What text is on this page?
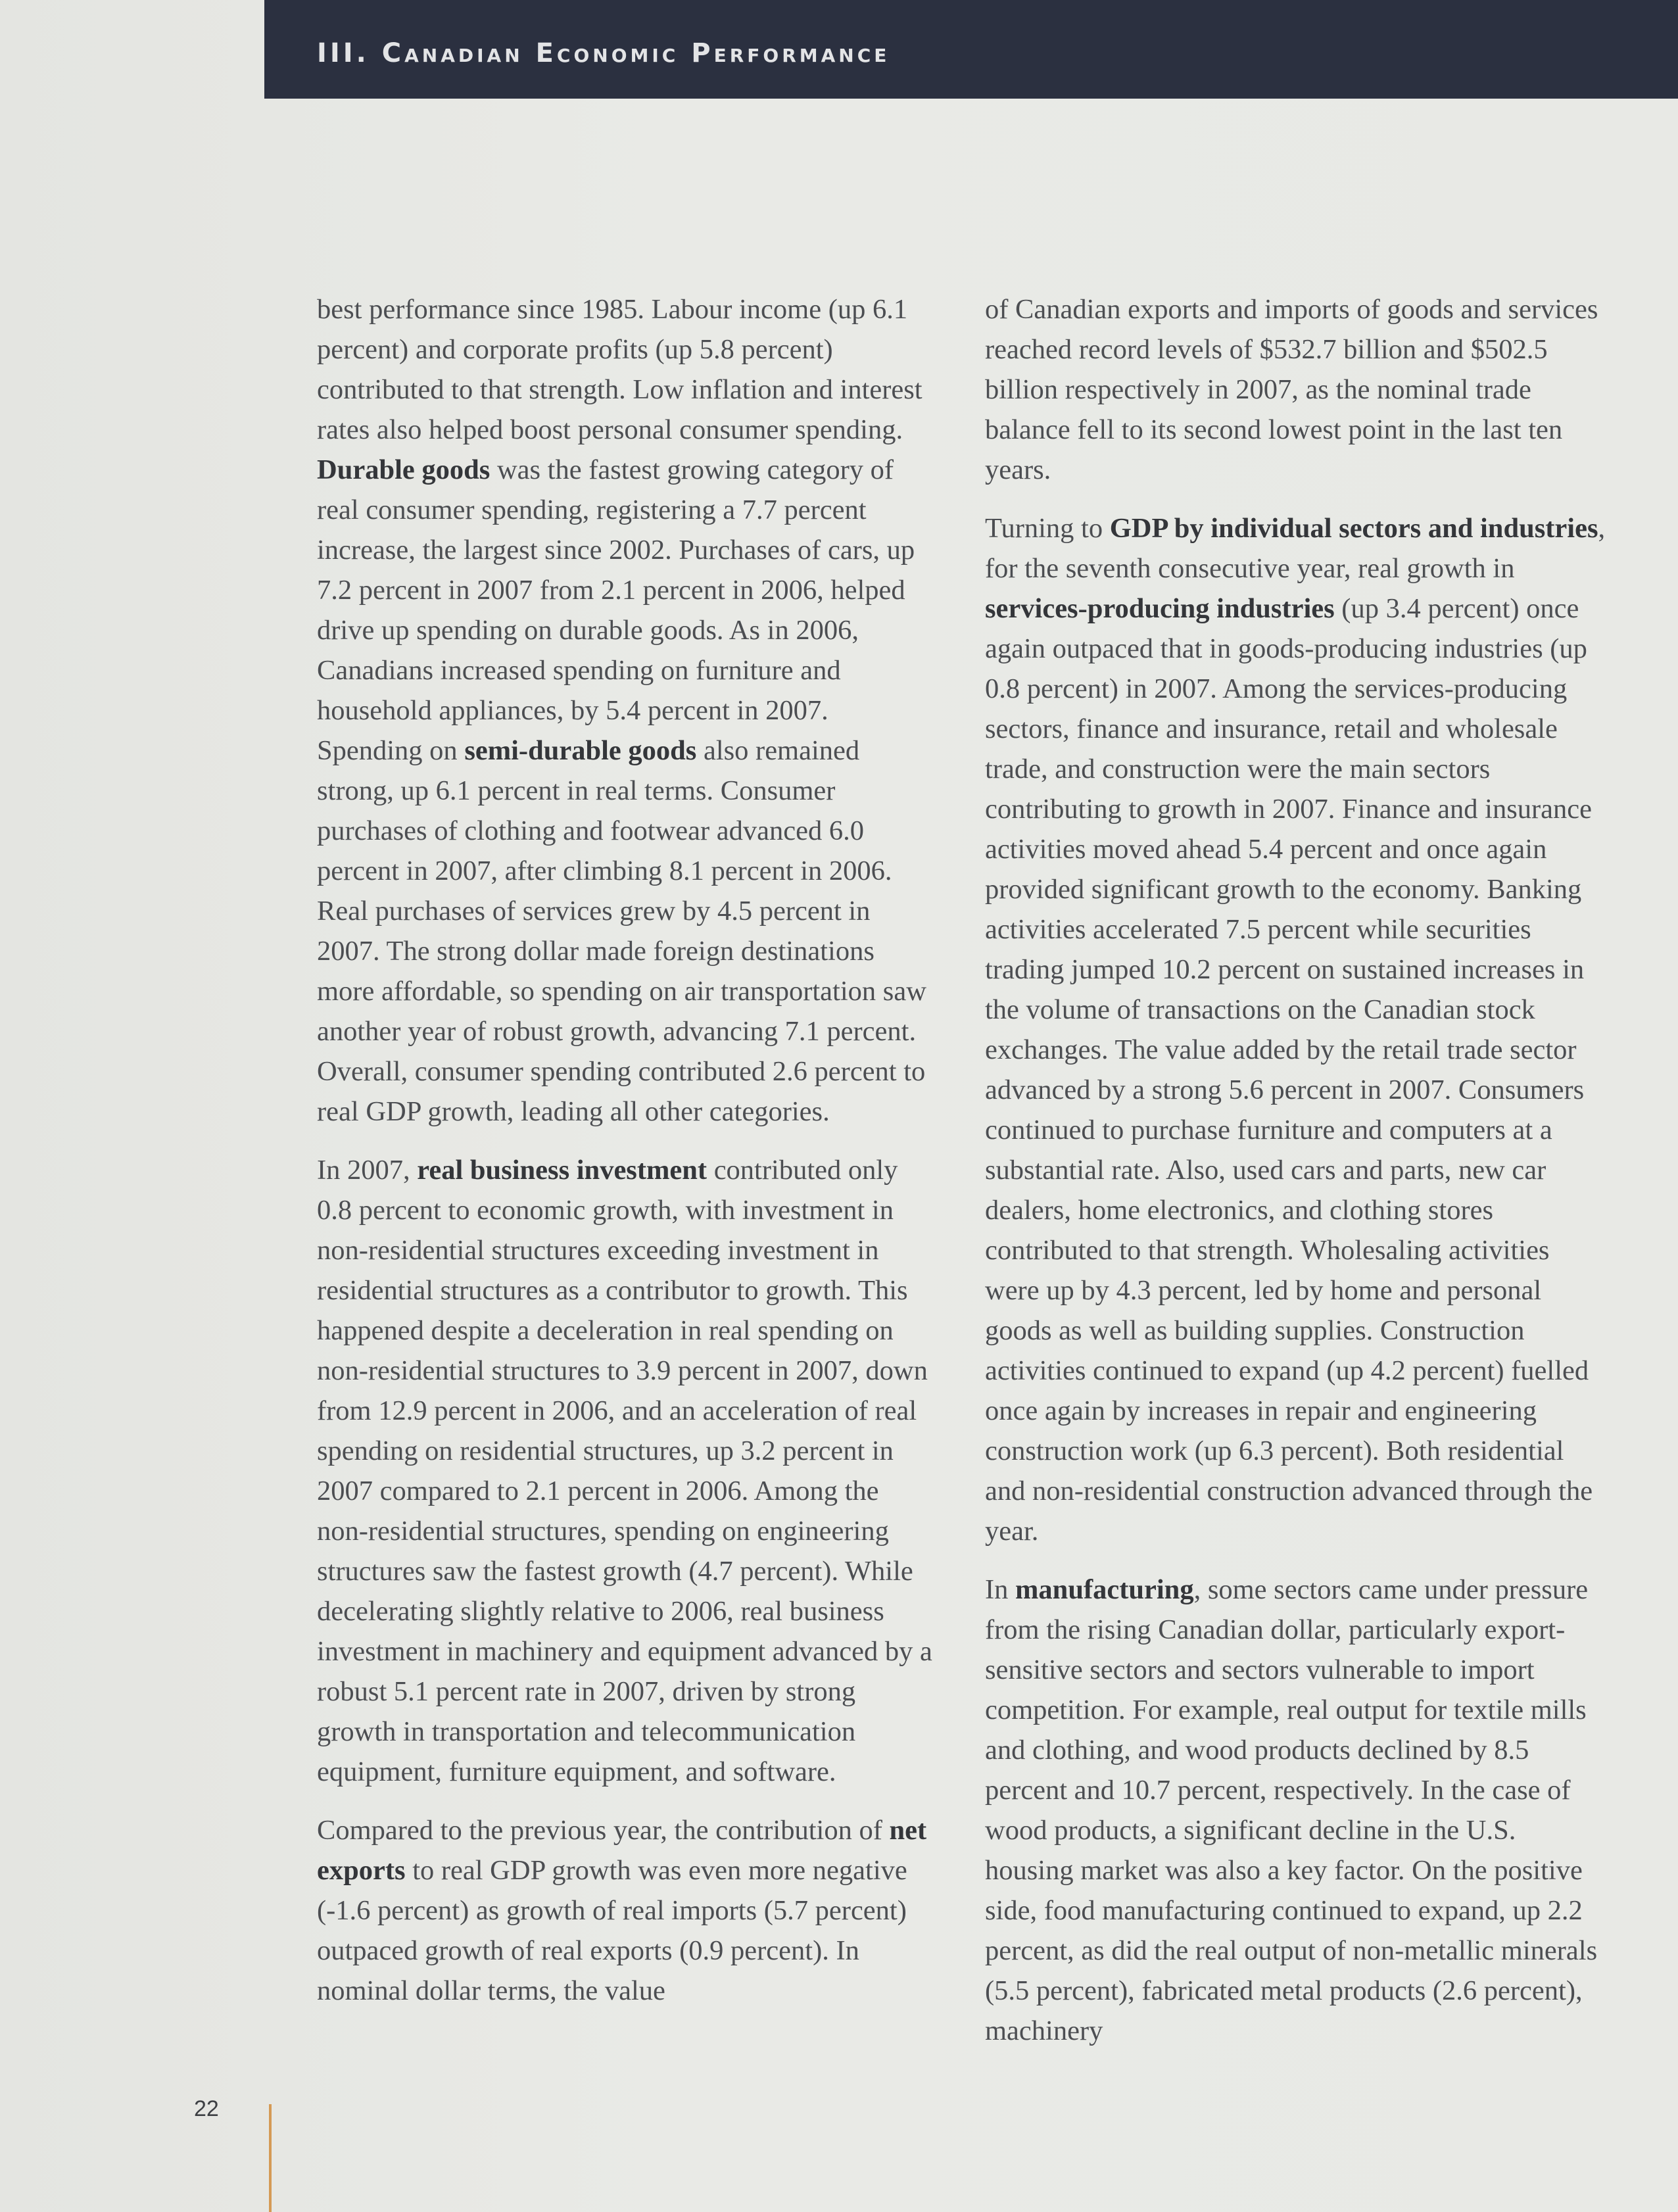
III. Canadian Economic Performance

best performance since 1985. Labour income (up 6.1 percent) and corporate profits (up 5.8 percent) contributed to that strength. Low inflation and interest rates also helped boost personal consumer spending. Durable goods was the fastest growing category of real consumer spending, registering a 7.7 percent increase, the largest since 2002. Purchases of cars, up 7.2 percent in 2007 from 2.1 percent in 2006, helped drive up spending on durable goods. As in 2006, Canadians increased spending on furniture and household appliances, by 5.4 percent in 2007. Spending on semi-durable goods also remained strong, up 6.1 percent in real terms. Consumer purchases of clothing and footwear advanced 6.0 percent in 2007, after climbing 8.1 percent in 2006. Real purchases of services grew by 4.5 percent in 2007. The strong dollar made foreign destinations more affordable, so spending on air transportation saw another year of robust growth, advancing 7.1 percent. Overall, consumer spending contributed 2.6 percent to real GDP growth, leading all other categories.

In 2007, real business investment contributed only 0.8 percent to economic growth, with investment in non-residential structures exceeding investment in residential structures as a contributor to growth. This happened despite a deceleration in real spending on non-residential structures to 3.9 percent in 2007, down from 12.9 percent in 2006, and an acceleration of real spending on residential structures, up 3.2 percent in 2007 compared to 2.1 percent in 2006. Among the non-residential structures, spending on engineering structures saw the fastest growth (4.7 percent). While decelerating slightly relative to 2006, real business investment in machinery and equipment advanced by a robust 5.1 percent rate in 2007, driven by strong growth in transportation and telecommunication equipment, furniture equipment, and software.

Compared to the previous year, the contribution of net exports to real GDP growth was even more negative (-1.6 percent) as growth of real imports (5.7 percent) outpaced growth of real exports (0.9 percent). In nominal dollar terms, the value

of Canadian exports and imports of goods and services reached record levels of $532.7 billion and $502.5 billion respectively in 2007, as the nominal trade balance fell to its second lowest point in the last ten years.

Turning to GDP by individual sectors and industries, for the seventh consecutive year, real growth in services-producing industries (up 3.4 percent) once again outpaced that in goods-producing industries (up 0.8 percent) in 2007. Among the services-producing sectors, finance and insurance, retail and wholesale trade, and construction were the main sectors contributing to growth in 2007. Finance and insurance activities moved ahead 5.4 percent and once again provided significant growth to the economy. Banking activities accelerated 7.5 percent while securities trading jumped 10.2 percent on sustained increases in the volume of transactions on the Canadian stock exchanges. The value added by the retail trade sector advanced by a strong 5.6 percent in 2007. Consumers continued to purchase furniture and computers at a substantial rate. Also, used cars and parts, new car dealers, home electronics, and clothing stores contributed to that strength. Wholesaling activities were up by 4.3 percent, led by home and personal goods as well as building supplies. Construction activities continued to expand (up 4.2 percent) fuelled once again by increases in repair and engineering construction work (up 6.3 percent). Both residential and non-residential construction advanced through the year.

In manufacturing, some sectors came under pressure from the rising Canadian dollar, particularly export-sensitive sectors and sectors vulnerable to import competition. For example, real output for textile mills and clothing, and wood products declined by 8.5 percent and 10.7 percent, respectively. In the case of wood products, a significant decline in the U.S. housing market was also a key factor. On the positive side, food manufacturing continued to expand, up 2.2 percent, as did the real output of non-metallic minerals (5.5 percent), fabricated metal products (2.6 percent), machinery

22
